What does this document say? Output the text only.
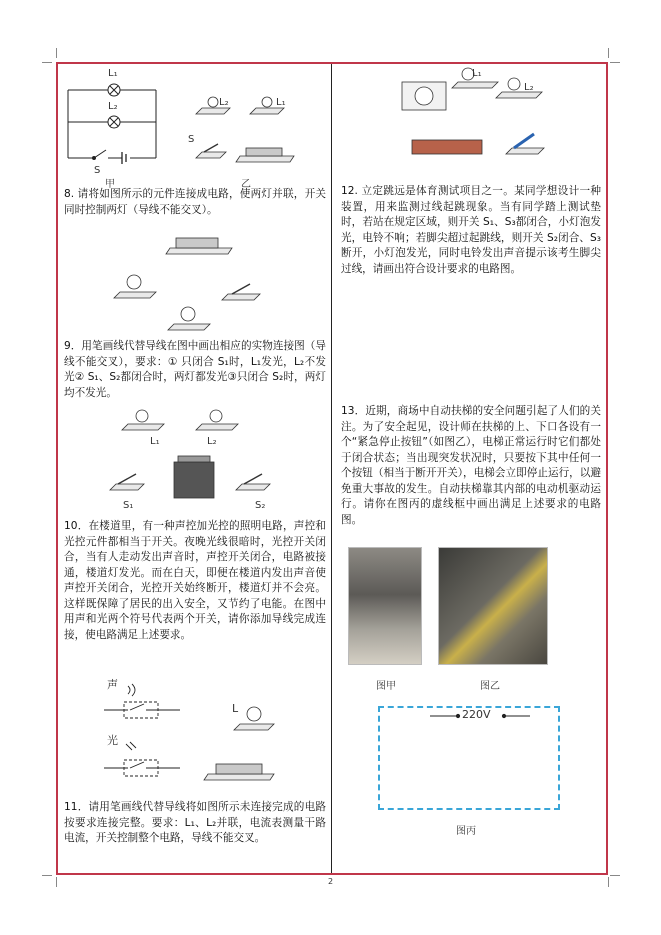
L₁
L₂
S
甲
L₂	L₁
S
乙
8. 请将如图所示的元件连接成电路，使两灯并联，开关同时控制两灯（导线不能交叉）。
9．用笔画线代替导线在图中画出相应的实物连接图（导线不能交叉），要求：① 只闭合 S₁时，L₁发光，L₂不发光② S₁、S₂都闭合时，两灯都发光③只闭合 S₂时，两灯均不发光。
L₁	L₂
S₁	S₂
10．在楼道里，有一种声控加光控的照明电路，声控和光控元件都相当于开关。夜晚光线很暗时，光控开关闭合，当有人走动发出声音时，声控开关闭合，电路被接通，楼道灯发光。而在白天，即便在楼道内发出声音使声控开关闭合，光控开关始终断开，楼道灯并不会亮。这样既保障了居民的出入安全，又节约了电能。在图中用声和光两个符号代表两个开关，请你添加导线完成连接，使电路满足上述要求。
声
光
L
11．请用笔画线代替导线将如图所示未连接完成的电路按要求连接完整。要求：L₁、L₂并联，电流表测量干路电流，开关控制整个电路，导线不能交叉。
L₁
L₂
12. 立定跳远是体育测试项目之一。某同学想设计一种装置，用来监测过线起跳现象。当有同学踏上测试垫时，若站在规定区域，则开关 S₁、S₃都闭合，小灯泡发光，电铃不响；若脚尖超过起跳线，则开关 S₂闭合、S₃断开，小灯泡发光，同时电铃发出声音提示该考生脚尖过线，请画出符合设计要求的电路图。
13．近期，商场中自动扶梯的安全问题引起了人们的关注。为了安全起见，设计师在扶梯的上、下口各设有一个“紧急停止按钮”（如图乙），电梯正常运行时它们都处于闭合状态；当出现突发状况时，只要按下其中任何一个按钮（相当于断开开关），电梯会立即停止运行，以避免重大事故的发生。自动扶梯靠其内部的电动机驱动运行。请你在图丙的虚线框中画出满足上述要求的电路图。
图甲	图乙
220V
图丙
2
